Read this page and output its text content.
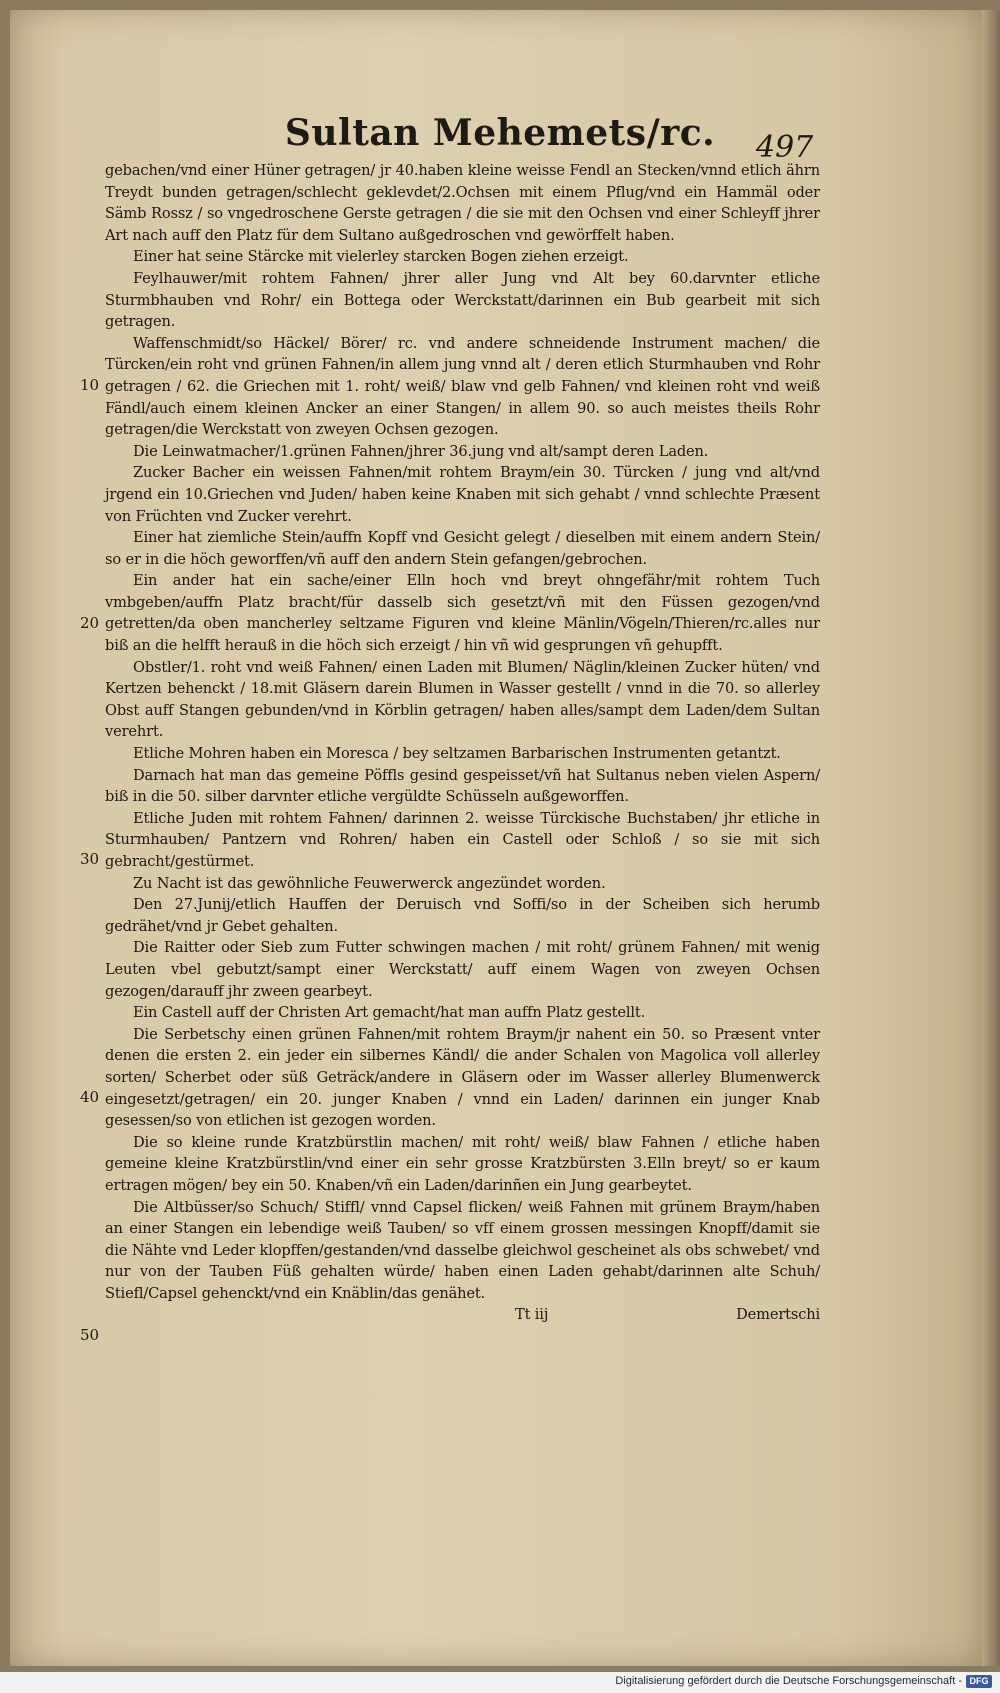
Sultan Mehemets/rc.	497
10
20
30
40
50

gebachen/vnd einer Hüner getragen/ jr 40.haben kleine weisse Fendl an Stecken/vnnd etlich ährn Treydt bunden getragen/schlecht geklevdet/2.Ochsen mit einem Pflug/vnd ein Hammäl oder Sämb Rossz / so vngedroschene Gerste getragen / die sie mit den Ochsen vnd einer Schleyff jhrer Art nach auff den Platz für dem Sultano außgedroschen vnd gewörffelt haben.

Einer hat seine Stärcke mit vielerley starcken Bogen ziehen erzeigt.

Feylhauwer/mit rohtem Fahnen/ jhrer aller Jung vnd Alt bey 60.darvnter etliche Sturmbhauben vnd Rohr/ ein Bottega oder Werckstatt/darinnen ein Bub gearbeit mit sich getragen.

Waffenschmidt/so Häckel/ Börer/ rc. vnd andere schneidende Instrument machen/ die Türcken/ein roht vnd grünen Fahnen/in allem jung vnnd alt / deren etlich Sturmhauben vnd Rohr getragen / 62. die Griechen mit 1. roht/ weiß/ blaw vnd gelb Fahnen/ vnd kleinen roht vnd weiß Fändl/auch einem kleinen Ancker an einer Stangen/ in allem 90. so auch meistes theils Rohr getragen/die Werckstatt von zweyen Ochsen gezogen.

Die Leinwatmacher/1.grünen Fahnen/jhrer 36.jung vnd alt/sampt deren Laden.

Zucker Bacher ein weissen Fahnen/mit rohtem Braym/ein 30. Türcken / jung vnd alt/vnd jrgend ein 10.Griechen vnd Juden/ haben keine Knaben mit sich gehabt / vnnd schlechte Præsent von Früchten vnd Zucker verehrt.

Einer hat ziemliche Stein/auffn Kopff vnd Gesicht gelegt / dieselben mit einem andern Stein/ so er in die höch geworffen/vñ auff den andern Stein gefangen/gebrochen.

Ein ander hat ein sache/einer Elln hoch vnd breyt ohngefähr/mit rohtem Tuch vmbgeben/auffn Platz bracht/für dasselb sich gesetzt/vñ mit den Füssen gezogen/vnd getretten/da oben mancherley seltzame Figuren vnd kleine Mänlin/Vögeln/Thieren/rc.alles nur biß an die helfft herauß in die höch sich erzeigt / hin vñ wid gesprungen vñ gehupfft.

Obstler/1. roht vnd weiß Fahnen/ einen Laden mit Blumen/ Näglin/kleinen Zucker hüten/ vnd Kertzen behenckt / 18.mit Gläsern darein Blumen in Wasser gestellt / vnnd in die 70. so allerley Obst auff Stangen gebunden/vnd in Körblin getragen/ haben alles/sampt dem Laden/dem Sultan verehrt.

Etliche Mohren haben ein Moresca / bey seltzamen Barbarischen Instrumenten getantzt.

Darnach hat man das gemeine Pöffls gesind gespeisset/vñ hat Sultanus neben vielen Aspern/ biß in die 50. silber darvnter etliche vergüldte Schüsseln außgeworffen.

Etliche Juden mit rohtem Fahnen/ darinnen 2. weisse Türckische Buchstaben/ jhr etliche in Sturmhauben/ Pantzern vnd Rohren/ haben ein Castell oder Schloß / so sie mit sich gebracht/gestürmet.

Zu Nacht ist das gewöhnliche Feuwerwerck angezündet worden.

Den 27.Junij/etlich Hauffen der Deruisch vnd Soffi/so in der Scheiben sich herumb gedrähet/vnd jr Gebet gehalten.

Die Raitter oder Sieb zum Futter schwingen machen / mit roht/ grünem Fahnen/ mit wenig Leuten vbel gebutzt/sampt einer Werckstatt/ auff einem Wagen von zweyen Ochsen gezogen/darauff jhr zween gearbeyt.

Ein Castell auff der Christen Art gemacht/hat man auffn Platz gestellt.

Die Serbetschy einen grünen Fahnen/mit rohtem Braym/jr nahent ein 50. so Præsent vnter denen die ersten 2. ein jeder ein silbernes Kändl/ die ander Schalen von Magolica voll allerley sorten/ Scherbet oder süß Geträck/andere in Gläsern oder im Wasser allerley Blumenwerck eingesetzt/getragen/ ein 20. junger Knaben / vnnd ein Laden/ darinnen ein junger Knab gesessen/so von etlichen ist gezogen worden.

Die so kleine runde Kratzbürstlin machen/ mit roht/ weiß/ blaw Fahnen / etliche haben gemeine kleine Kratzbürstlin/vnd einer ein sehr grosse Kratzbürsten 3.Elln breyt/ so er kaum ertragen mögen/ bey ein 50. Knaben/vñ ein Laden/darinñen ein Jung gearbeytet.

Die Altbüsser/so Schuch/ Stiffl/ vnnd Capsel flicken/ weiß Fahnen mit grünem Braym/haben an einer Stangen ein lebendige weiß Tauben/ so vff einem grossen messingen Knopff/damit sie die Nähte vnd Leder klopffen/gestanden/vnd dasselbe gleichwol gescheinet als obs schwebet/ vnd nur von der Tauben Füß gehalten würde/ haben einen Laden gehabt/darinnen alte Schuh/ Stiefl/Capsel gehenckt/vnd ein Knäblin/das genähet.

Tt iij	Demertschi
Digitalisierung gefördert durch die Deutsche Forschungsgemeinschaft - DFG
